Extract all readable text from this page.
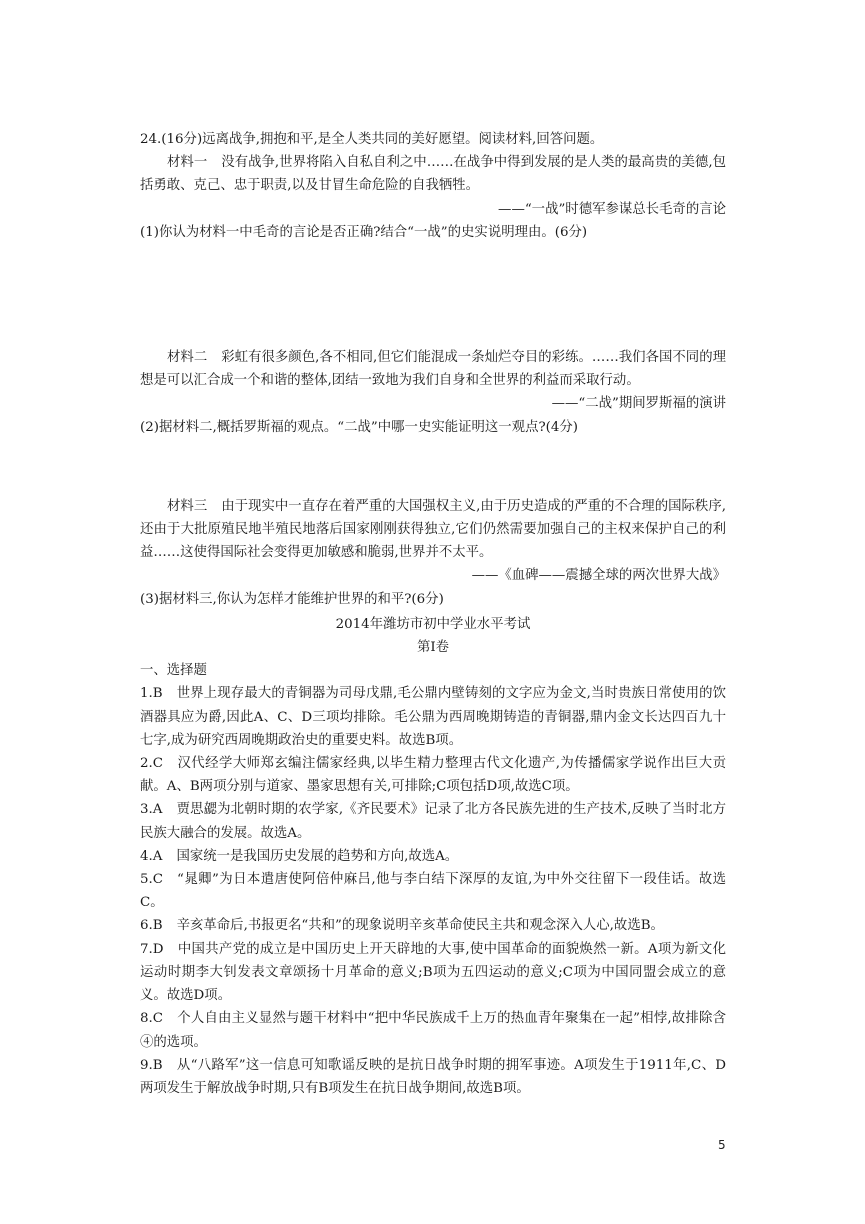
24.(16分)远离战争,拥抱和平,是全人类共同的美好愿望。阅读材料,回答问题。

材料一 没有战争,世界将陷入自私自利之中……在战争中得到发展的是人类的最高贵的美德,包括勇敢、克己、忠于职责,以及甘冒生命危险的自我牺牲。

——“一战”时德军参谋总长毛奇的言论

(1)你认为材料一中毛奇的言论是否正确?结合“一战”的史实说明理由。(6分)

材料二 彩虹有很多颜色,各不相同,但它们能混成一条灿烂夺目的彩练。……我们各国不同的理想是可以汇合成一个和谐的整体,团结一致地为我们自身和全世界的利益而采取行动。

——“二战”期间罗斯福的演讲

(2)据材料二,概括罗斯福的观点。“二战”中哪一史实能证明这一观点?(4分)

材料三 由于现实中一直存在着严重的大国强权主义,由于历史造成的严重的不合理的国际秩序,还由于大批原殖民地半殖民地落后国家刚刚获得独立,它们仍然需要加强自己的主权来保护自己的利益……这使得国际社会变得更加敏感和脆弱,世界并不太平。

——《血碑——震撼全球的两次世界大战》

(3)据材料三,你认为怎样才能维护世界的和平?(6分)

2014年潍坊市初中学业水平考试

第Ⅰ卷

一、选择题

1.B 世界上现存最大的青铜器为司母戊鼎,毛公鼎内壁铸刻的文字应为金文,当时贵族日常使用的饮酒器具应为爵,因此A、C、D三项均排除。毛公鼎为西周晚期铸造的青铜器,鼎内金文长达四百九十七字,成为研究西周晚期政治史的重要史料。故选B项。

2.C 汉代经学大师郑玄编注儒家经典,以毕生精力整理古代文化遗产,为传播儒家学说作出巨大贡献。A、B两项分别与道家、墨家思想有关,可排除;C项包括D项,故选C项。

3.A 贾思勰为北朝时期的农学家,《齐民要术》记录了北方各民族先进的生产技术,反映了当时北方民族大融合的发展。故选A。

4.A 国家统一是我国历史发展的趋势和方向,故选A。

5.C “晁卿”为日本遣唐使阿倍仲麻吕,他与李白结下深厚的友谊,为中外交往留下一段佳话。故选C。

6.B 辛亥革命后,书报更名“共和”的现象说明辛亥革命使民主共和观念深入人心,故选B。

7.D 中国共产党的成立是中国历史上开天辟地的大事,使中国革命的面貌焕然一新。A项为新文化运动时期李大钊发表文章颂扬十月革命的意义;B项为五四运动的意义;C项为中国同盟会成立的意义。故选D项。

8.C 个人自由主义显然与题干材料中“把中华民族成千上万的热血青年聚集在一起”相悖,故排除含④的选项。

9.B 从“八路军”这一信息可知歌谣反映的是抗日战争时期的拥军事迹。A项发生于1911年,C、D两项发生于解放战争时期,只有B项发生在抗日战争期间,故选B项。

5
